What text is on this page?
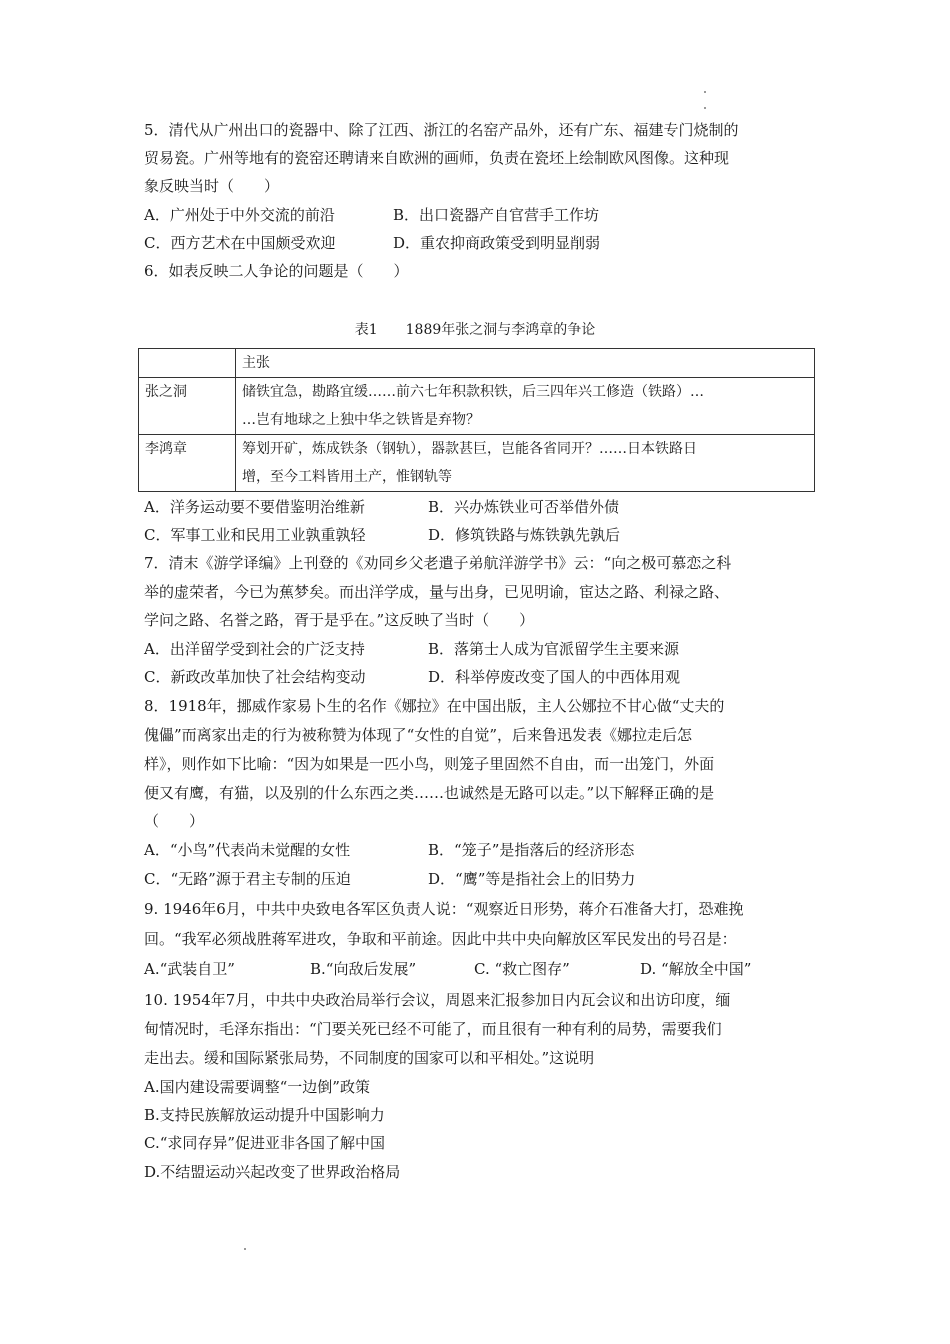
5．清代从广州出口的瓷器中、除了江西、浙江的名窑产品外，还有广东、福建专门烧制的
贸易瓷。广州等地有的瓷窑还聘请来自欧洲的画师，负责在瓷坯上绘制欧风图像。这种现
象反映当时（　　）
A．广州处于中外交流的前沿	B．出口瓷器产自官营手工作坊
C．西方艺术在中国颇受欢迎	D．重农抑商政策受到明显削弱
6．如表反映二人争论的问题是（　　）
表1　　1889年张之洞与李鸿章的争论
	主张
张之洞	储铁宜急，勘路宜缓……前六七年积款积铁，后三四年兴工修造（铁路）…
…岂有地球之上独中华之铁皆是弃物？

李鸿章	筹划开矿，炼成铁条（钢轨），器款甚巨，岂能各省同开？……日本铁路日
增，至今工料皆用土产，惟钢轨等
A．洋务运动要不要借鉴明治维新	B．兴办炼铁业可否举借外债
C．军事工业和民用工业孰重孰轻	D．修筑铁路与炼铁孰先孰后
7．清末《游学译编》上刊登的《劝同乡父老遣子弟航洋游学书》云：“向之极可慕恋之科
举的虚荣者，今已为蕉梦矣。而出洋学成，量与出身，已见明谕，宦达之路、利禄之路、
学问之路、名誉之路，胥于是乎在。”这反映了当时（　　）
A．出洋留学受到社会的广泛支持	B．落第士人成为官派留学生主要来源
C．新政改革加快了社会结构变动	D．科举停废改变了国人的中西体用观
8．1918年，挪威作家易卜生的名作《娜拉》在中国出版，主人公娜拉不甘心做“丈夫的
傀儡”而离家出走的行为被称赞为体现了“女性的自觉”，后来鲁迅发表《娜拉走后怎
样》，则作如下比喻：“因为如果是一匹小鸟，则笼子里固然不自由，而一出笼门，外面
便又有鹰，有猫，以及别的什么东西之类……也诚然是无路可以走。”以下解释正确的是
（　　）
A．“小鸟”代表尚未觉醒的女性	B．“笼子”是指落后的经济形态
C．“无路”源于君主专制的压迫	D．“鹰”等是指社会上的旧势力
9. 1946年6月，中共中央致电各军区负责人说：“观察近日形势，蒋介石准备大打，恐难挽
回。“我军必须战胜蒋军进攻，争取和平前途。因此中共中央向解放区军民发出的号召是：
A.“武装自卫”	B.“向敌后发展”	C. “救亡图存”	D. “解放全中国”
10. 1954年7月，中共中央政治局举行会议，周恩来汇报参加日内瓦会议和出访印度，缅
甸情况时，毛泽东指出：“门要关死已经不可能了，而且很有一种有利的局势，需要我们
走出去。缓和国际紧张局势，不同制度的国家可以和平相处。”这说明
A.国内建设需要调整“一边倒”政策
B.支持民族解放运动提升中国影响力
C.“求同存异”促进亚非各国了解中国
D.不结盟运动兴起改变了世界政治格局
